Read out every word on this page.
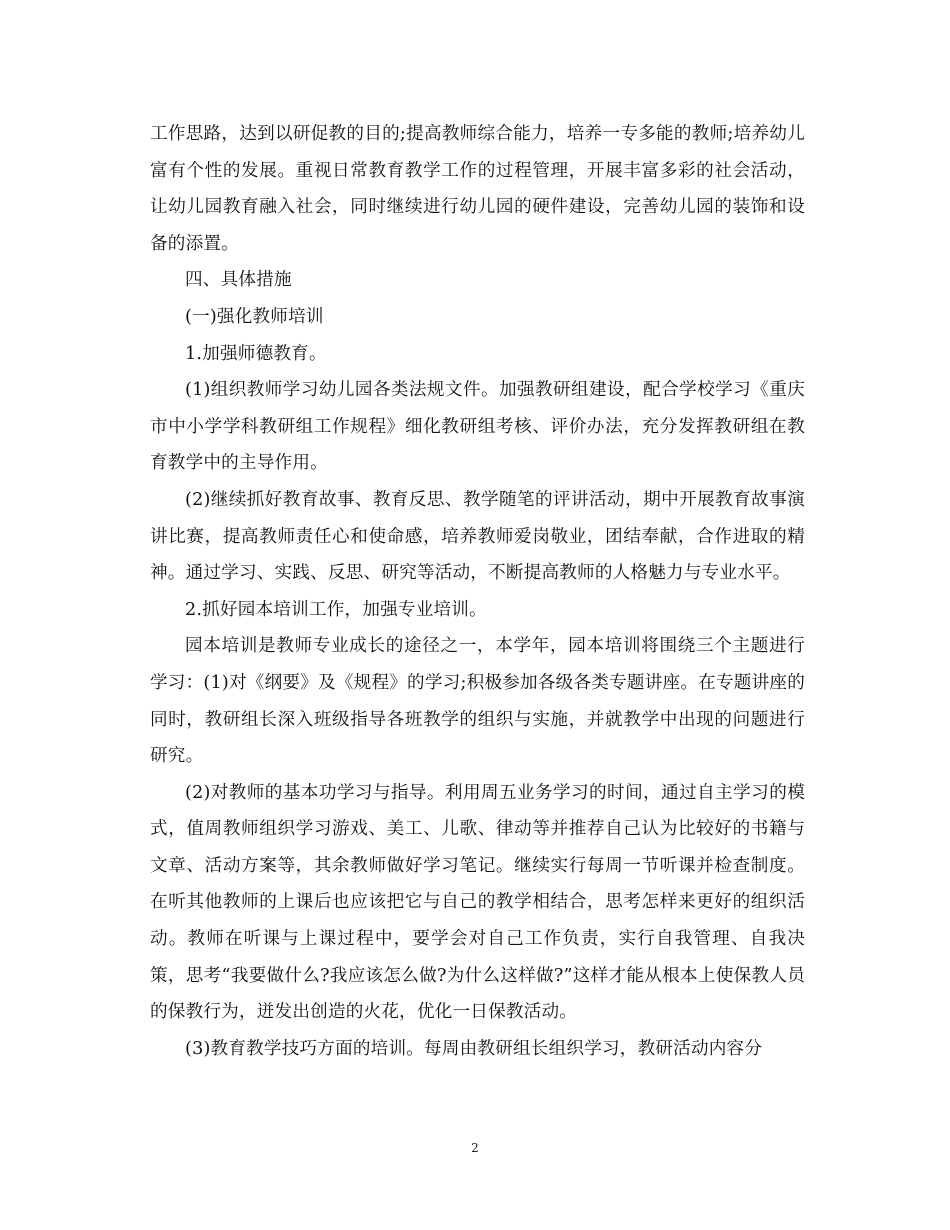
工作思路，达到以研促教的目的;提高教师综合能力，培养一专多能的教师;培养幼儿富有个性的发展。重视日常教育教学工作的过程管理，开展丰富多彩的社会活动，让幼儿园教育融入社会，同时继续进行幼儿园的硬件建设，完善幼儿园的装饰和设备的添置。

四、具体措施

(一)强化教师培训

1.加强师德教育。

(1)组织教师学习幼儿园各类法规文件。加强教研组建设，配合学校学习《重庆市中小学学科教研组工作规程》细化教研组考核、评价办法，充分发挥教研组在教育教学中的主导作用。

(2)继续抓好教育故事、教育反思、教学随笔的评讲活动，期中开展教育故事演讲比赛，提高教师责任心和使命感，培养教师爱岗敬业，团结奉献，合作进取的精神。通过学习、实践、反思、研究等活动，不断提高教师的人格魅力与专业水平。

2.抓好园本培训工作，加强专业培训。

园本培训是教师专业成长的途径之一，本学年，园本培训将围绕三个主题进行学习：(1)对《纲要》及《规程》的学习;积极参加各级各类专题讲座。在专题讲座的同时，教研组长深入班级指导各班教学的组织与实施，并就教学中出现的问题进行研究。

(2)对教师的基本功学习与指导。利用周五业务学习的时间，通过自主学习的模式，值周教师组织学习游戏、美工、儿歌、律动等并推荐自己认为比较好的书籍与文章、活动方案等，其余教师做好学习笔记。继续实行每周一节听课并检查制度。在听其他教师的上课后也应该把它与自己的教学相结合，思考怎样来更好的组织活动。教师在听课与上课过程中，要学会对自己工作负责，实行自我管理、自我决策，思考“我要做什么?我应该怎么做?为什么这样做?”这样才能从根本上使保教人员的保教行为，迸发出创造的火花，优化一日保教活动。

(3)教育教学技巧方面的培训。每周由教研组长组织学习，教研活动内容分

2
